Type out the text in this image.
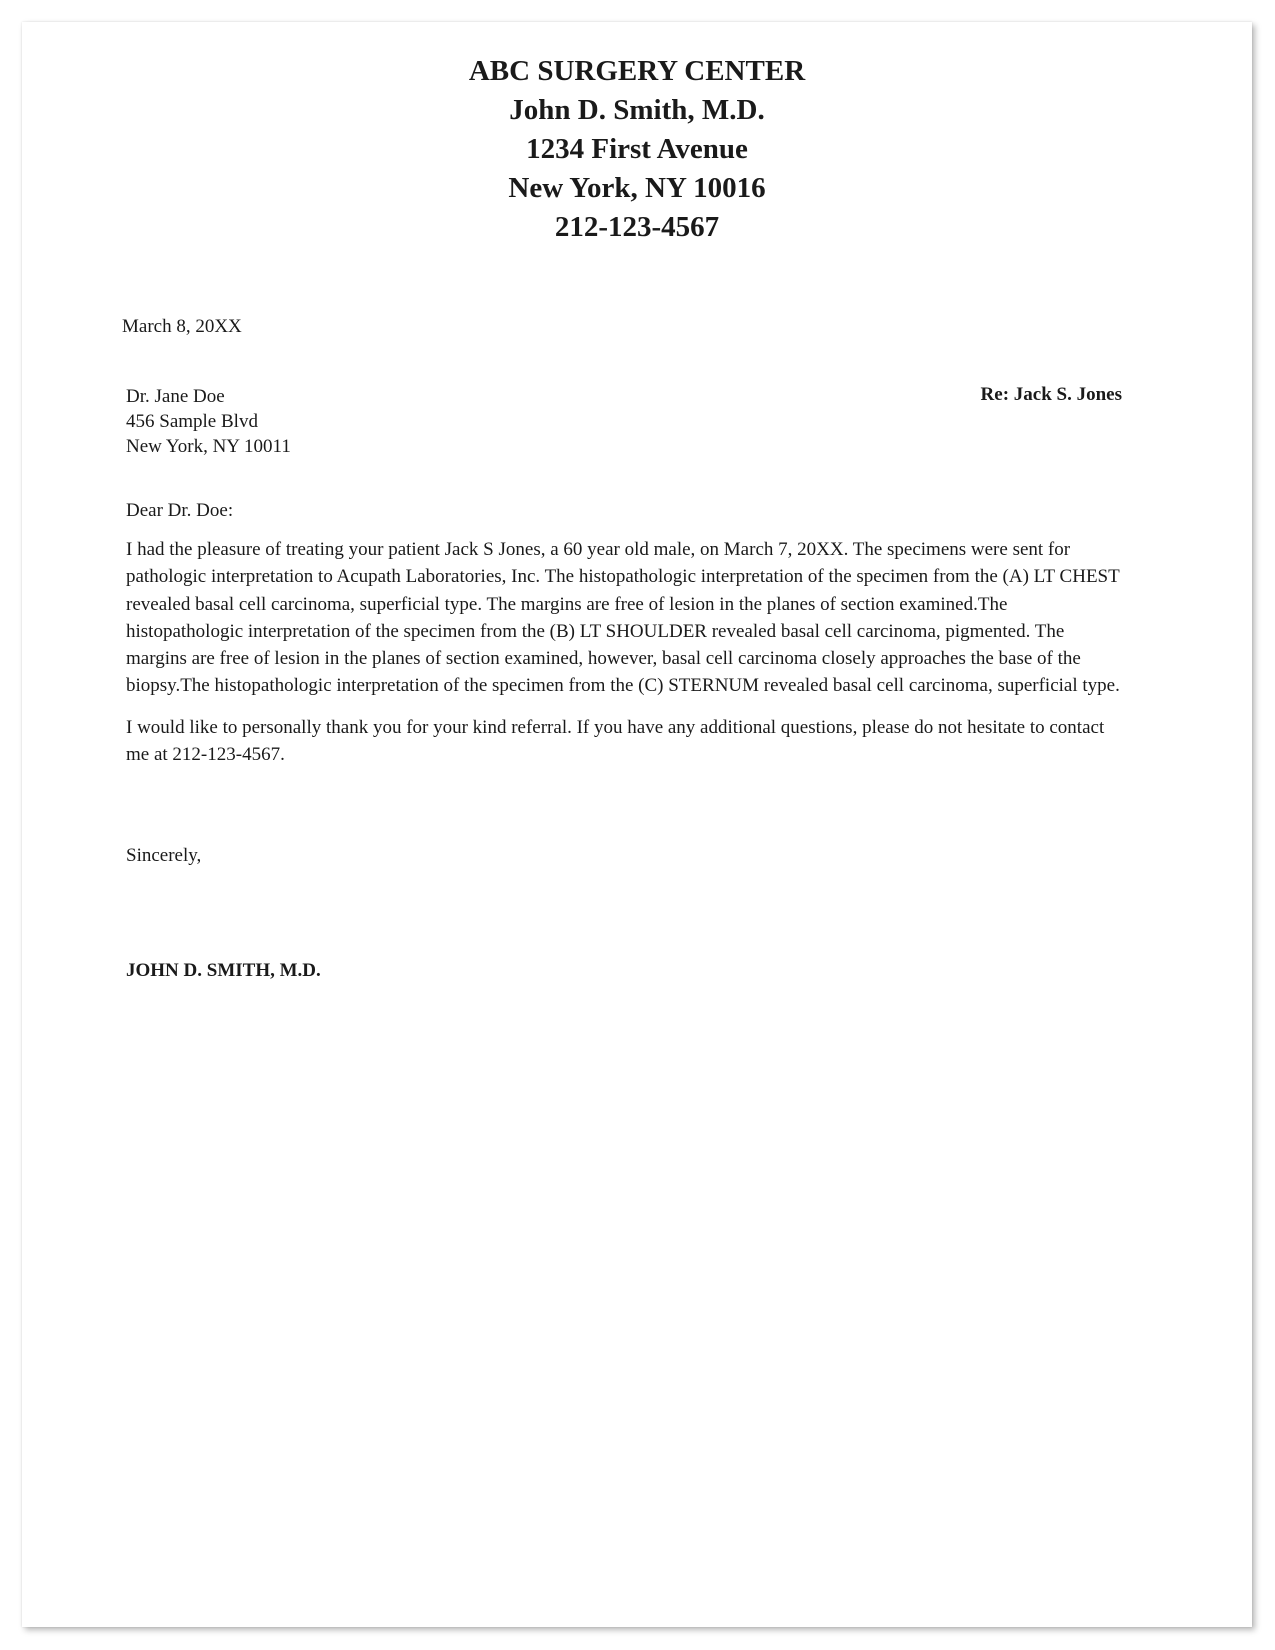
ABC SURGERY CENTER
John D. Smith, M.D.
1234 First Avenue
New York, NY 10016
212-123-4567
March 8, 20XX
Dr. Jane Doe
456 Sample Blvd
New York, NY 10011
Re: Jack S. Jones
Dear Dr. Doe:

I had the pleasure of treating your patient Jack S Jones, a 60 year old male, on March 7, 20XX. The specimens were sent for pathologic interpretation to Acupath Laboratories, Inc. The histopathologic interpretation of the specimen from the (A) LT CHEST revealed basal cell carcinoma, superficial type. The margins are free of lesion in the planes of section examined.The histopathologic interpretation of the specimen from the (B) LT SHOULDER revealed basal cell carcinoma, pigmented. The margins are free of lesion in the planes of section examined, however, basal cell carcinoma closely approaches the base of the biopsy.The histopathologic interpretation of the specimen from the (C) STERNUM revealed basal cell carcinoma, superficial type.

I would like to personally thank you for your kind referral. If you have any additional questions, please do not hesitate to contact me at 212-123-4567.

Sincerely,
JOHN D. SMITH, M.D.
